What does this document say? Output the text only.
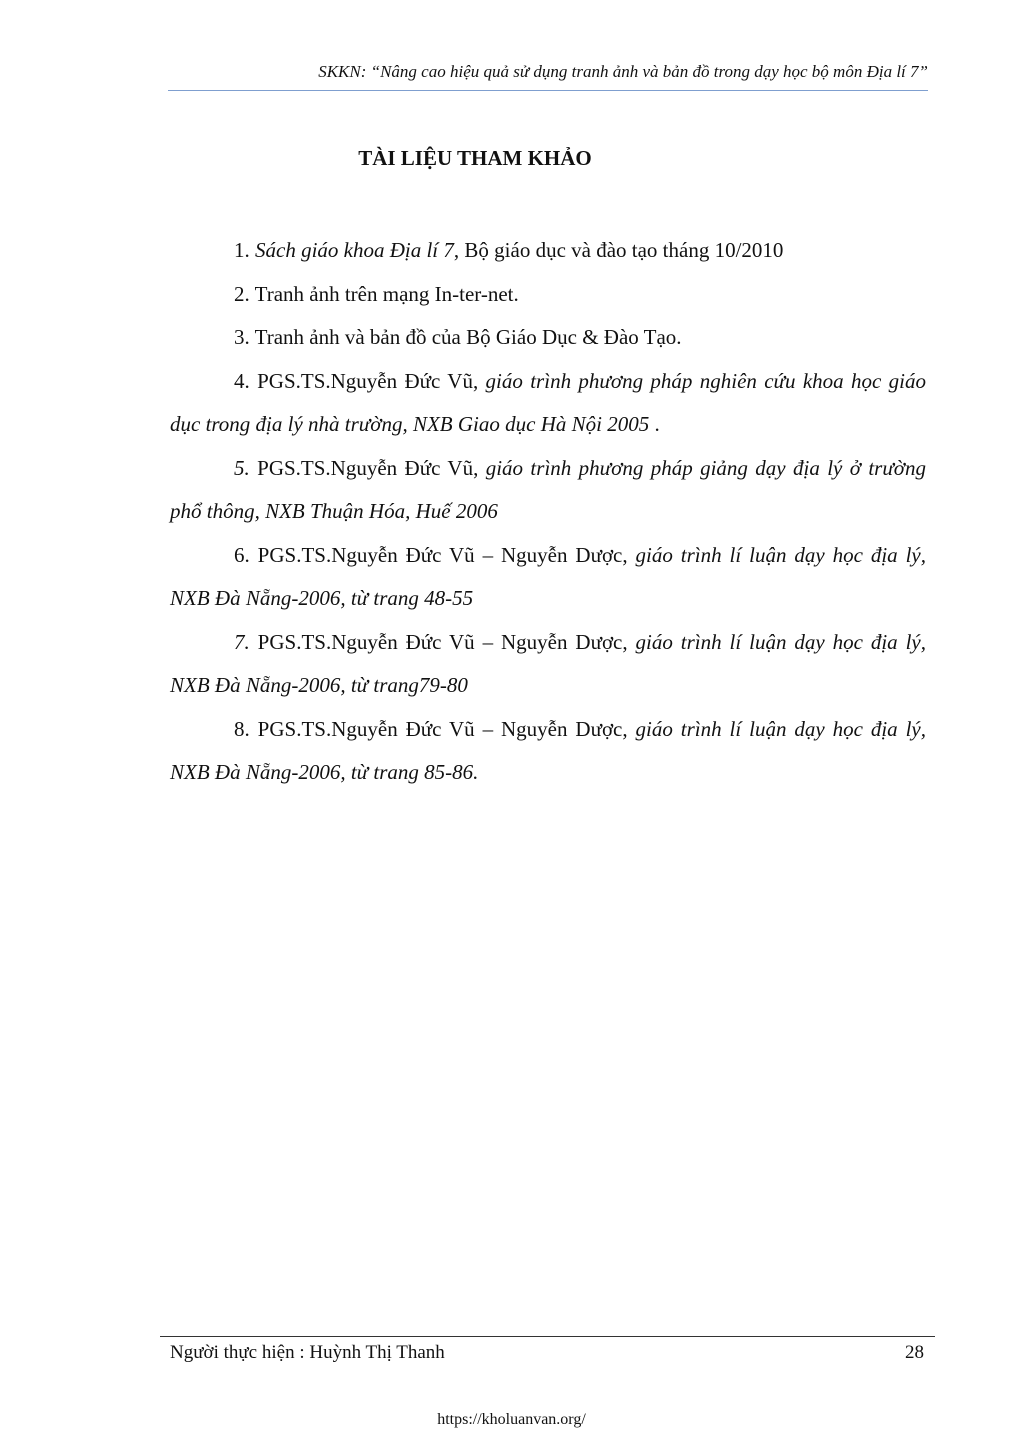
SKKN: “Nâng cao hiệu quả sử dụng tranh ảnh và bản đồ trong dạy học bộ môn Địa lí 7”
TÀI LIỆU THAM KHẢO

1. Sách giáo khoa Địa lí 7, Bộ giáo dục và đào tạo tháng 10/2010

2. Tranh ảnh trên mạng In-ter-net.

3. Tranh ảnh và bản đồ của Bộ Giáo Dục & Đào Tạo.

4. PGS.TS.Nguyễn Đức Vũ, giáo trình phương pháp nghiên cứu khoa học giáo dục trong địa lý nhà trường, NXB Giao dục Hà Nội 2005 .

5. PGS.TS.Nguyễn Đức Vũ, giáo trình phương pháp giảng dạy địa lý ở trường phổ thông, NXB Thuận Hóa, Huế 2006

6. PGS.TS.Nguyễn Đức Vũ – Nguyễn Dược, giáo trình lí luận dạy học địa lý, NXB Đà Nẵng-2006, từ trang 48-55

7. PGS.TS.Nguyễn Đức Vũ – Nguyễn Dược, giáo trình lí luận dạy học địa lý, NXB Đà Nẵng-2006, từ trang79-80

8. PGS.TS.Nguyễn Đức Vũ – Nguyễn Dược, giáo trình lí luận dạy học địa lý, NXB Đà Nẵng-2006, từ trang 85-86.

Người thực hiện : Huỳnh Thị Thanh	28
https://kholuanvan.org/
